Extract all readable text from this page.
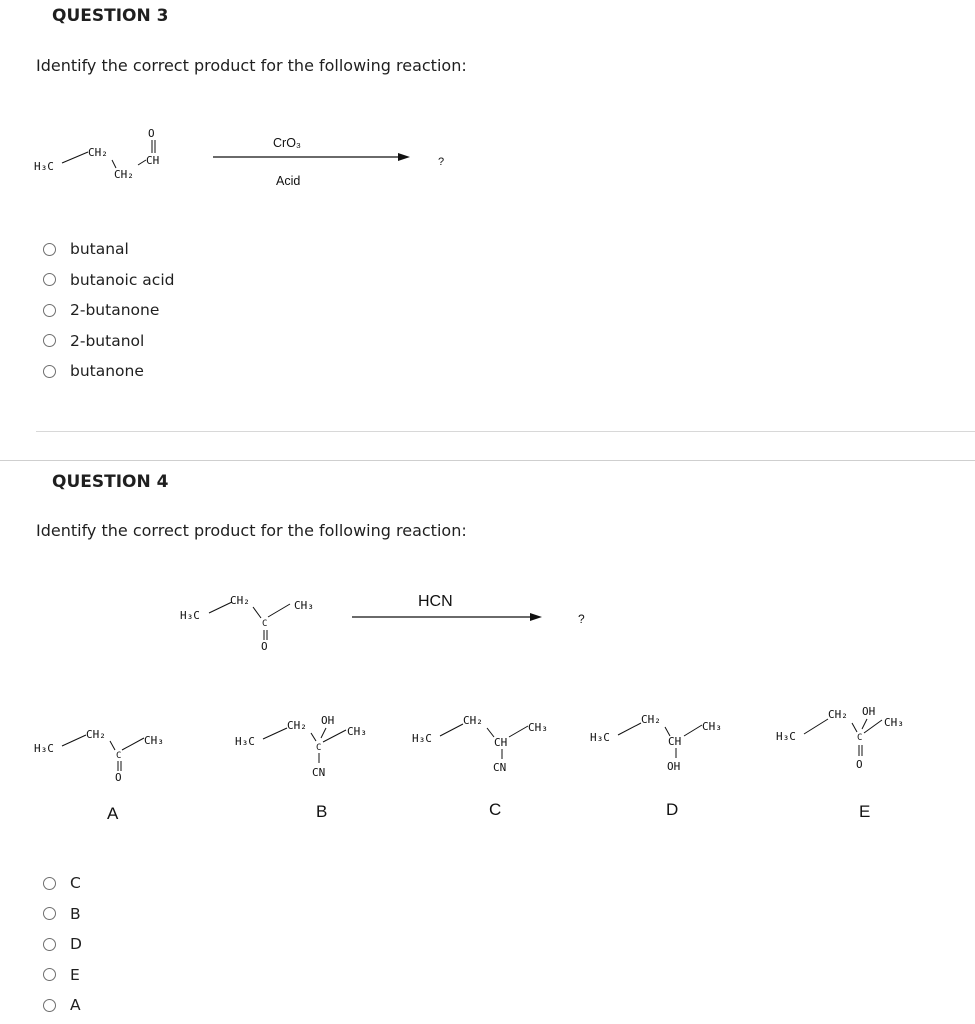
QUESTION 3

Identify the correct product for the following reaction:

H₃C
CH₂
CH₂
CH
O
CrO₃
Acid
?
butanal
butanoic acid
2-butanone
2-butanol
butanone
QUESTION 4

Identify the correct product for the following reaction:

H₃C
CH₂
C
CH₃
O
HCN
?
H₃C
CH₂
C
CH₃
O
A
H₃C
CH₂ OH
C
CH₃
CN
B
H₃C
CH₂
CH
CH₃
CN
C
H₃C
CH₂
CH
CH₃
OH
D
H₃C
CH₂ OH
C
CH₃
O
E
C
B
D
E
A
